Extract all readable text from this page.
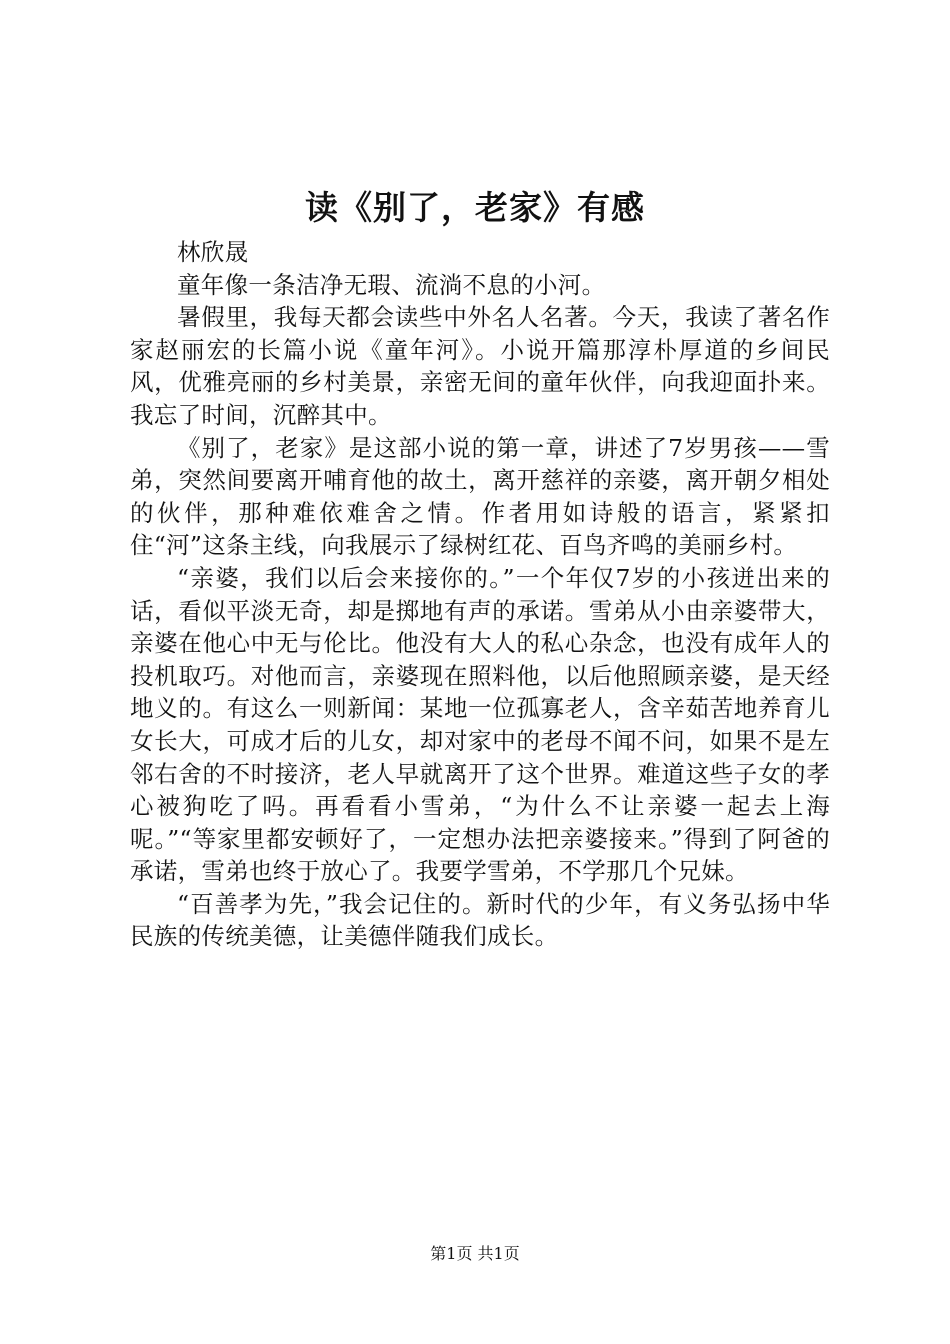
读《别了，老家》有感

林欣晟

童年像一条洁净无瑕、流淌不息的小河。

暑假里，我每天都会读些中外名人名著。今天，我读了著名作家赵丽宏的长篇小说《童年河》。小说开篇那淳朴厚道的乡间民风，优雅亮丽的乡村美景，亲密无间的童年伙伴，向我迎面扑来。我忘了时间，沉醉其中。

《别了，老家》是这部小说的第一章，讲述了7岁男孩——雪弟，突然间要离开哺育他的故土，离开慈祥的亲婆，离开朝夕相处的伙伴，那种难依难舍之情。作者用如诗般的语言，紧紧扣住“河”这条主线，向我展示了绿树红花、百鸟齐鸣的美丽乡村。

“亲婆，我们以后会来接你的。”一个年仅7岁的小孩迸出来的话，看似平淡无奇，却是掷地有声的承诺。雪弟从小由亲婆带大，亲婆在他心中无与伦比。他没有大人的私心杂念，也没有成年人的投机取巧。对他而言，亲婆现在照料他，以后他照顾亲婆，是天经地义的。有这么一则新闻：某地一位孤寡老人，含辛茹苦地养育儿女长大，可成才后的儿女，却对家中的老母不闻不问，如果不是左邻右舍的不时接济，老人早就离开了这个世界。难道这些子女的孝心被狗吃了吗。再看看小雪弟，“为什么不让亲婆一起去上海呢。”“等家里都安顿好了，一定想办法把亲婆接来。”得到了阿爸的承诺，雪弟也终于放心了。我要学雪弟，不学那几个兄妹。

“百善孝为先，”我会记住的。新时代的少年，有义务弘扬中华民族的传统美德，让美德伴随我们成长。

第1页 共1页
